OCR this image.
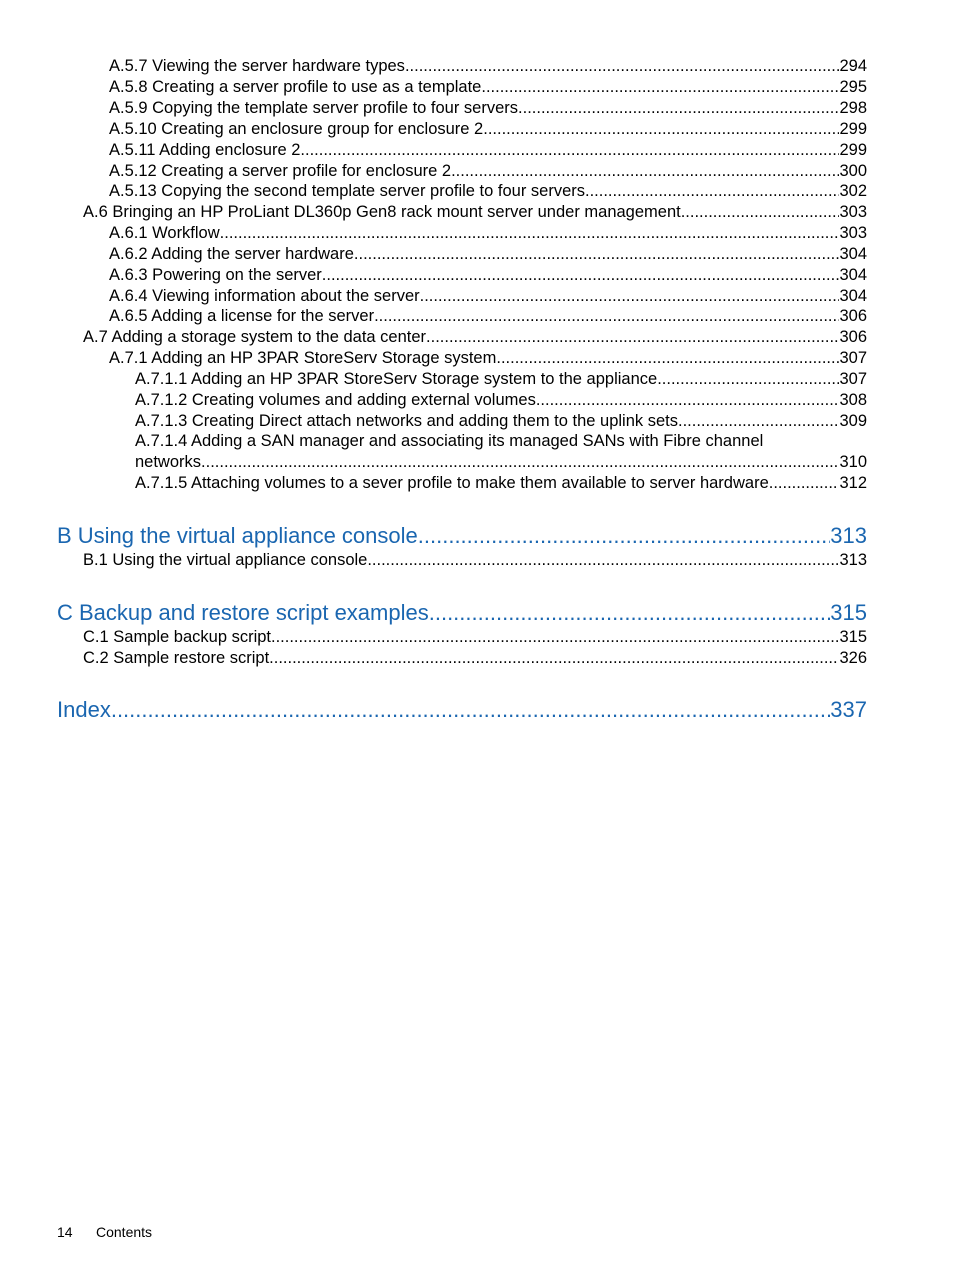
A.5.7 Viewing the server hardware types .....	294
A.5.8 Creating a server profile to use as a template .....	295
A.5.9 Copying the template server profile to four servers .....	298
A.5.10 Creating an enclosure group for enclosure 2 .....	299
A.5.11 Adding enclosure 2 .....	299
A.5.12 Creating a server profile for enclosure 2 .....	300
A.5.13 Copying the second template server profile to four servers .....	302
A.6 Bringing an HP ProLiant DL360p Gen8 rack mount server under management .....	303
A.6.1 Workflow .....	303
A.6.2 Adding the server hardware .....	304
A.6.3 Powering on the server .....	304
A.6.4 Viewing information about the server .....	304
A.6.5 Adding a license for the server .....	306
A.7 Adding a storage system to the data center .....	306
A.7.1 Adding an HP 3PAR StoreServ Storage system .....	307
A.7.1.1 Adding an HP 3PAR StoreServ Storage system to the appliance .....	307
A.7.1.2 Creating volumes and adding external volumes .....	308
A.7.1.3 Creating Direct attach networks and adding them to the uplink sets .....	309
A.7.1.4 Adding a SAN manager and associating its managed SANs with Fibre channel
networks .....	310
A.7.1.5 Attaching volumes to a sever profile to make them available to server hardware .....	312
B Using the virtual appliance console .....	313
B.1 Using the virtual appliance console .....	313
C Backup and restore script examples .....	315
C.1 Sample backup script .....	315
C.2 Sample restore script .....	326
Index .....	337
14 Contents
